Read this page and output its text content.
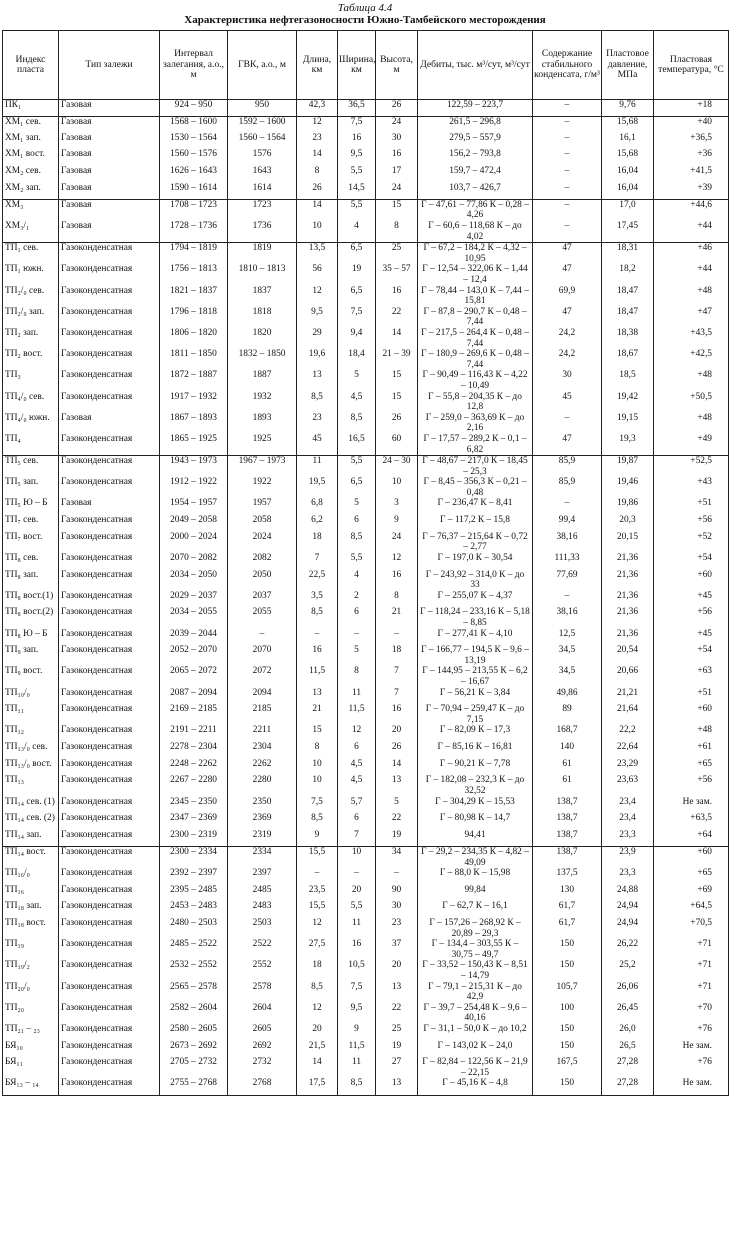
Таблица 4.4
Характеристика нефтегазоносности Южно-Тамбейского месторождения
Индекс пласта	Тип залежи	Интервал залегания, а.о., м	ГВК, а.о., м	Длина, км	Ширина, км	Высота, м	Дебиты, тыс. м³/сут, м³/сут	Содержание стабильного конденсата, г/м³	Пластовое давление, МПа	Пластовая температура, °С
ПК₁	Газовая	924 – 950	950	42,3	36,5	26	122,59 – 223,7	–	9,76	+18
ХМ₁ сев.	Газовая	1568 – 1600	1592 – 1600	12	7,5	24	261,5 – 296,8	–	15,68	+40
ХМ₁ зап.	Газовая	1530 – 1564	1560 – 1564	23	16	30	279,5 – 557,9	–	16,1	+36,5
ХМ₁ вост.	Газовая	1560 – 1576	1576	14	9,5	16	156,2 – 793,8	–	15,68	+36
ХМ₂ сев.	Газовая	1626 – 1643	1643	8	5,5	17	159,7 – 472,4	–	16,04	+41,5
ХМ₂ зап.	Газовая	1590 – 1614	1614	26	14,5	24	103,7 – 426,7	–	16,04	+39
ХМ₃	Газовая	1708 – 1723	1723	14	5,5	15	Г – 47,61 – 77,86 К – 0,28 – 4,26	–	17,0	+44,6
ХМ₃/₁	Газовая	1728 – 1736	1736	10	4	8	Г – 60,6 – 118,68 К – до 4,02	–	17,45	+44
ТП₁ сев.	Газоконденсатная	1794 – 1819	1819	13,5	6,5	25	Г – 67,2 – 184,2 К – 4,32 – 10,95	47	18,31	+46
ТП₁ южн.	Газоконденсатная	1756 – 1813	1810 – 1813	56	19	35 – 57	Г – 12,54 – 322,06 К – 1,44 – 12,4	47	18,2	+44
ТП₂/₀ сев.	Газоконденсатная	1821 – 1837	1837	12	6,5	16	Г – 78,44 – 143,0 К – 7,44 – 15,81	69,9	18,47	+48
ТП₂/₀ зап.	Газоконденсатная	1796 – 1818	1818	9,5	7,5	22	Г – 87,8 – 290,7 К – 0,48 – 7,44	47	18,47	+47
ТП₂ зап.	Газоконденсатная	1806 – 1820	1820	29	9,4	14	Г – 217,5 – 264,4 К – 0,48 – 7,44	24,2	18,38	+43,5
ТП₂ вост.	Газоконденсатная	1811 – 1850	1832 – 1850	19,6	18,4	21 – 39	Г – 180,9 – 269,6 К – 0,48 – 7,44	24,2	18,67	+42,5
ТП₃	Газоконденсатная	1872 – 1887	1887	13	5	15	Г – 90,49 – 116,43 К – 4,22 – 10,49	30	18,5	+48
ТП₄/₀ сев.	Газоконденсатная	1917 – 1932	1932	8,5	4,5	15	Г – 55,8 – 204,35 К – до 12,8	45	19,42	+50,5
ТП₄/₀ южн.	Газовая	1867 – 1893	1893	23	8,5	26	Г – 259,0 – 363,69 К – до 2,16	–	19,15	+48
ТП₄	Газоконденсатная	1865 – 1925	1925	45	16,5	60	Г – 17,57 – 289,2 К – 0,1 – 6,82	47	19,3	+49
ТП₅ сев.	Газоконденсатная	1943 – 1973	1967 – 1973	11	5,5	24 – 30	Г – 48,67 – 217,0 К – 18,45 – 25,3	85,9	19,87	+52,5
ТП₅ зап.	Газоконденсатная	1912 – 1922	1922	19,5	6,5	10	Г – 8,45 – 356,3 К – 0,21 – 0,48	85,9	19,46	+43
ТП₅ Ю – Б	Газовая	1954 – 1957	1957	6,8	5	3	Г – 236,47 К – 8,41	–	19,86	+51
ТП₇ сев.	Газоконденсатная	2049 – 2058	2058	6,2	6	9	Г – 117,2 К – 15,8	99,4	20,3	+56
ТП₇ вост.	Газоконденсатная	2000 – 2024	2024	18	8,5	24	Г – 76,37 – 215,64 К – 0,72 – 2,77	38,16	20,15	+52
ТП₈ сев.	Газоконденсатная	2070 – 2082	2082	7	5,5	12	Г – 197,0 К – 30,54	111,33	21,36	+54
ТП₈ зап.	Газоконденсатная	2034 – 2050	2050	22,5	4	16	Г – 243,92 – 314,0 К – до 33	77,69	21,36	+60
ТП₈ вост.(1)	Газоконденсатная	2029 – 2037	2037	3,5	2	8	Г – 255,07 К – 4,37	–	21,36	+45
ТП₈ вост.(2)	Газоконденсатная	2034 – 2055	2055	8,5	6	21	Г – 118,24 – 233,16 К – 5,18 – 8,85	38,16	21,36	+56
ТП₈ Ю – Б	Газоконденсатная	2039 – 2044	–	–	–	–	Г – 277,41 К – 4,10	12,5	21,36	+45
ТП₉ зап.	Газоконденсатная	2052 – 2070	2070	16	5	18	Г – 166,77 – 194,5 К – 9,6 – 13,19	34,5	20,54	+54
ТП₉ вост.	Газоконденсатная	2065 – 2072	2072	11,5	8	7	Г – 144,95 – 213,55 К – 6,2 – 16,67	34,5	20,66	+63
ТП₁₀/₀	Газоконденсатная	2087 – 2094	2094	13	11	7	Г – 56,21 К – 3,84	49,86	21,21	+51
ТП₁₁	Газоконденсатная	2169 – 2185	2185	21	11,5	16	Г – 70,94 – 259,47 К – до 7,15	89	21,64	+60
ТП₁₂	Газоконденсатная	2191 – 2211	2211	15	12	20	Г – 82,09 К – 17,3	168,7	22,2	+48
ТП₁₃/₀ сев.	Газоконденсатная	2278 – 2304	2304	8	6	26	Г – 85,16 К – 16,81	140	22,64	+61
ТП₁₃/₀ вост.	Газоконденсатная	2248 – 2262	2262	10	4,5	14	Г – 90,21 К – 7,78	61	23,29	+65
ТП₁₃	Газоконденсатная	2267 – 2280	2280	10	4,5	13	Г – 182,08 – 232,3 К – до 32,52	61	23,63	+56
ТП₁₄ сев. (1)	Газоконденсатная	2345 – 2350	2350	7,5	5,7	5	Г – 304,29 К – 15,53	138,7	23,4	Не зам.
ТП₁₄ сев. (2)	Газоконденсатная	2347 – 2369	2369	8,5	6	22	Г – 80,98 К – 14,7	138,7	23,4	+63,5
ТП₁₄ зап.	Газоконденсатная	2300 – 2319	2319	9	7	19	94,41	138,7	23,3	+64
ТП₁₄ вост.	Газоконденсатная	2300 – 2334	2334	15,5	10	34	Г – 29,2 – 234,35 К – 4,82 – 49,09	138,7	23,9	+60
ТП₁₆/₀	Газоконденсатная	2392 – 2397	2397	–	–	–	Г – 88,0 К – 15,98	137,5	23,3	+65
ТП₁₆	Газоконденсатная	2395 – 2485	2485	23,5	20	90	99,84	130	24,88	+69
ТП₁₈ зап.	Газоконденсатная	2453 – 2483	2483	15,5	5,5	30	Г – 62,7 К – 16,1	61,7	24,94	+64,5
ТП₁₈ вост.	Газоконденсатная	2480 – 2503	2503	12	11	23	Г – 157,26 – 268,92 К – 20,89 – 29,3	61,7	24,94	+70,5
ТП₁₉	Газоконденсатная	2485 – 2522	2522	27,5	16	37	Г – 134,4 – 303,55 К – 30,75 – 49,7	150	26,22	+71
ТП₁₉/₂	Газоконденсатная	2532 – 2552	2552	18	10,5	20	Г – 33,52 – 150,43 К – 8,51 – 14,79	150	25,2	+71
ТП₂₀/₀	Газоконденсатная	2565 – 2578	2578	8,5	7,5	13	Г – 79,1 – 215,31 К – до 42,9	105,7	26,06	+71
ТП₂₀	Газоконденсатная	2582 – 2604	2604	12	9,5	22	Г – 39,7 – 254,48 К – 9,6 – 40,16	100	26,45	+70
ТП₂₁ – ₂₃	Газоконденсатная	2580 – 2605	2605	20	9	25	Г – 31,1 – 50,0 К – до 10,2	150	26,0	+76
БЯ₁₀	Газоконденсатная	2673 – 2692	2692	21,5	11,5	19	Г – 143,02 К – 24,0	150	26,5	Не зам.
БЯ₁₁	Газоконденсатная	2705 – 2732	2732	14	11	27	Г – 82,84 – 122,56 К – 21,9 – 22,15	167,5	27,28	+76
БЯ₁₃ – ₁₄	Газоконденсатная	2755 – 2768	2768	17,5	8,5	13	Г – 45,16 К – 4,8	150	27,28	Не зам.
